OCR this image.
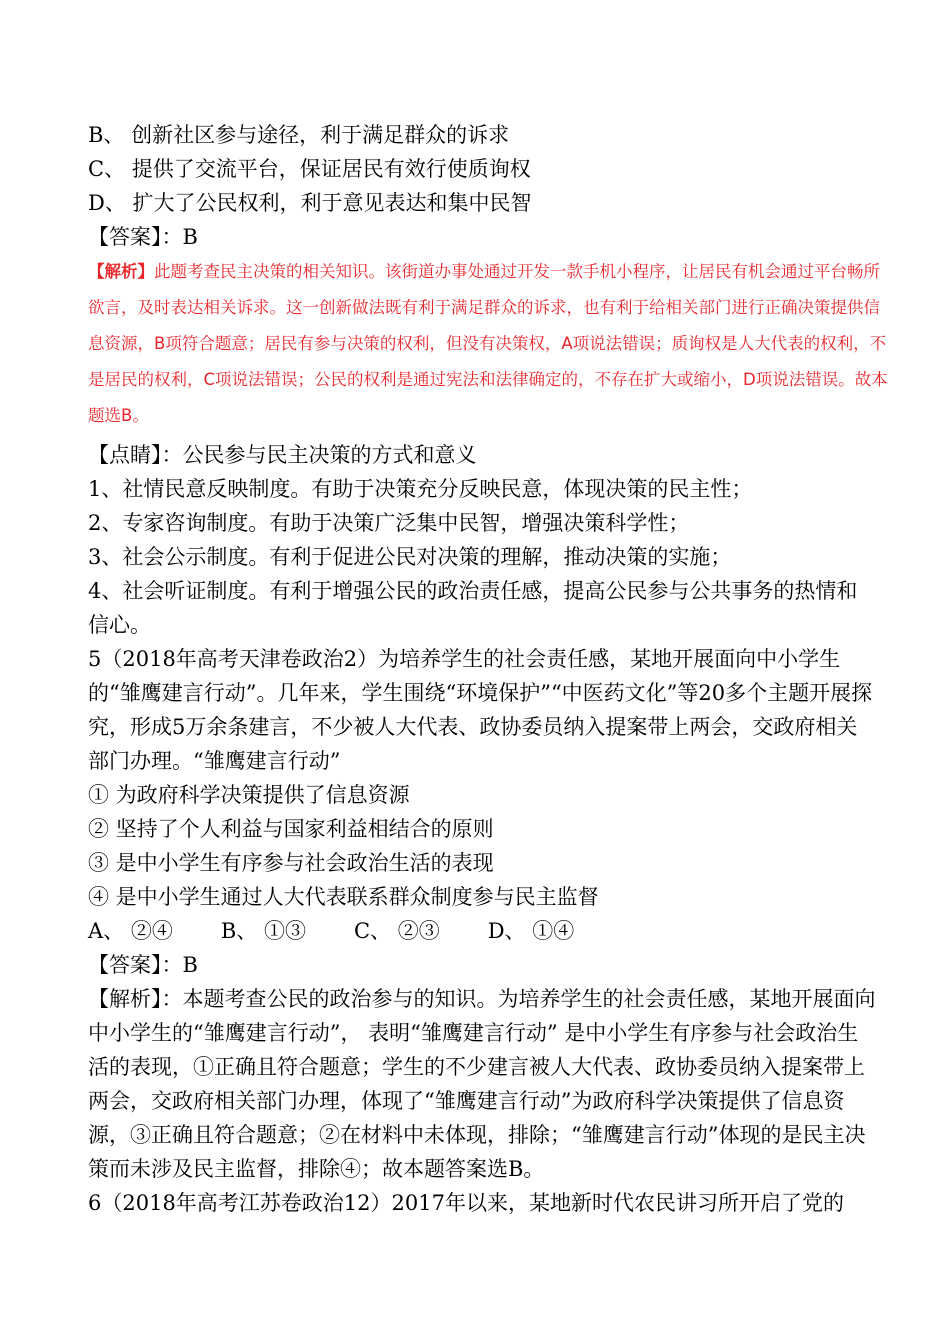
B、 创新社区参与途径，利于满足群众的诉求
C、 提供了交流平台，保证居民有效行使质询权
D、 扩大了公民权利，利于意见表达和集中民智
【答案】：B
【解析】此题考查民主决策的相关知识。该街道办事处通过开发一款手机小程序，让居民有机会通过平台畅所欲言，及时表达相关诉求。这一创新做法既有利于满足群众的诉求，也有利于给相关部门进行正确决策提供信息资源，B项符合题意；居民有参与决策的权利，但没有决策权，A项说法错误；质询权是人大代表的权利，不是居民的权利，C项说法错误；公民的权利是通过宪法和法律确定的，不存在扩大或缩小，D项说法错误。故本题选B。
【点睛】：公民参与民主决策的方式和意义
1、社情民意反映制度。有助于决策充分反映民意，体现决策的民主性；
2、专家咨询制度。有助于决策广泛集中民智，增强决策科学性；
3、社会公示制度。有利于促进公民对决策的理解，推动决策的实施；
4、社会听证制度。有利于增强公民的政治责任感，提高公民参与公共事务的热情和信心。
5（2018年高考天津卷政治2）为培养学生的社会责任感，某地开展面向中小学生的“雏鹰建言行动”。几年来，学生围绕“环境保护”“中医药文化”等20多个主题开展探究，形成5万余条建言，不少被人大代表、政协委员纳入提案带上两会，交政府相关部门办理。“雏鹰建言行动”
① 为政府科学决策提供了信息资源
② 坚持了个人利益与国家利益相结合的原则
③ 是中小学生有序参与社会政治生活的表现
④ 是中小学生通过人大代表联系群众制度参与民主监督
A、 ②④ B、 ①③ C、 ②③ D、 ①④
【答案】：B
【解析】：本题考查公民的政治参与的知识。为培养学生的社会责任感，某地开展面向中小学生的“雏鹰建言行动”， 表明“雏鹰建言行动” 是中小学生有序参与社会政治生活的表现，①正确且符合题意；学生的不少建言被人大代表、政协委员纳入提案带上两会，交政府相关部门办理，体现了“雏鹰建言行动”为政府科学决策提供了信息资源，③正确且符合题意；②在材料中未体现，排除；“雏鹰建言行动”体现的是民主决策而未涉及民主监督，排除④；故本题答案选B。
6（2018年高考江苏卷政治12）2017年以来，某地新时代农民讲习所开启了党的
